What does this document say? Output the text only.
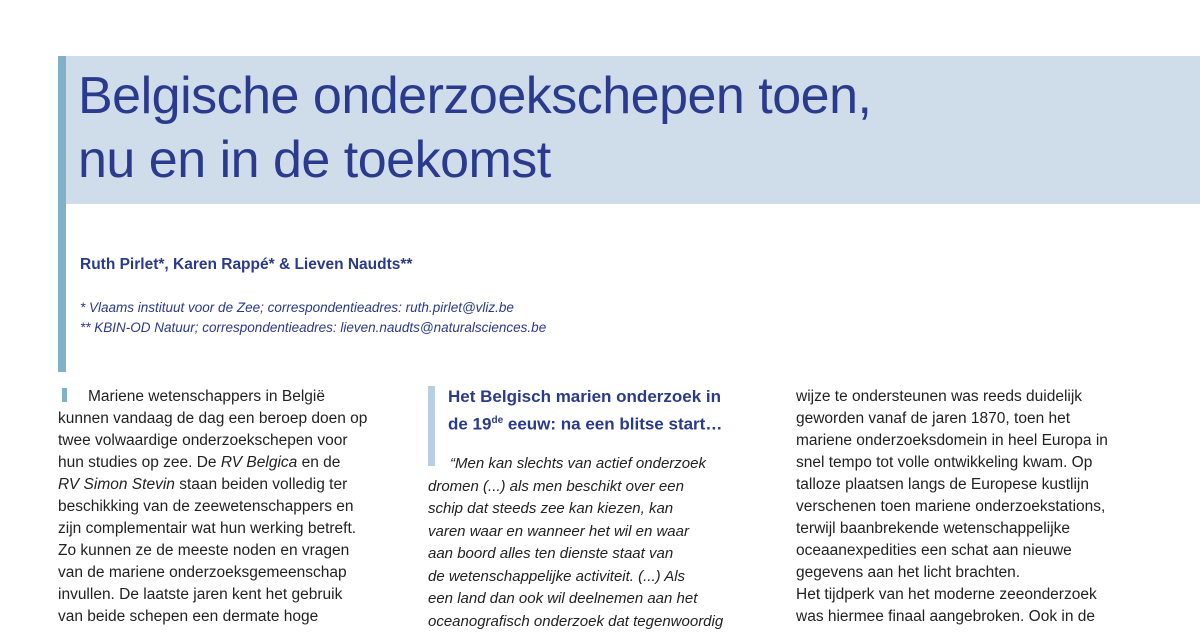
Belgische onderzoekschepen toen,
nu en in de toekomst

Ruth Pirlet*, Karen Rappé* & Lieven Naudts**

* Vlaams instituut voor de Zee; correspondentieadres: ruth.pirlet@vliz.be
** KBIN-OD Natuur; correspondentieadres: lieven.naudts@naturalsciences.be
Mariene wetenschappers in België
kunnen vandaag de dag een beroep doen op
twee volwaardige onderzoekschepen voor
hun studies op zee. De RV Belgica en de
RV Simon Stevin staan beiden volledig ter
beschikking van de zeewetenschappers en
zijn complementair wat hun werking betreft.
Zo kunnen ze de meeste noden en vragen
van de mariene onderzoeksgemeenschap
invullen. De laatste jaren kent het gebruik
van beide schepen een dermate hoge
Het Belgisch marien onderzoek in
de 19de eeuw: na een blitse start…
“Men kan slechts van actief onderzoek
dromen (...) als men beschikt over een
schip dat steeds zee kan kiezen, kan
varen waar en wanneer het wil en waar
aan boord alles ten dienste staat van
de wetenschappelijke activiteit. (...) Als
een land dan ook wil deelnemen aan het
oceanografisch onderzoek dat tegenwoordig
wijze te ondersteunen was reeds duidelijk
geworden vanaf de jaren 1870, toen het
mariene onderzoeksdomein in heel Europa in
snel tempo tot volle ontwikkeling kwam. Op
talloze plaatsen langs de Europese kustlijn
verschenen toen mariene onderzoekstations,
terwijl baanbrekende wetenschappelijke
oceaanexpedities een schat aan nieuwe
gegevens aan het licht brachten.
Het tijdperk van het moderne zeeonderzoek
was hiermee finaal aangebroken. Ook in de
